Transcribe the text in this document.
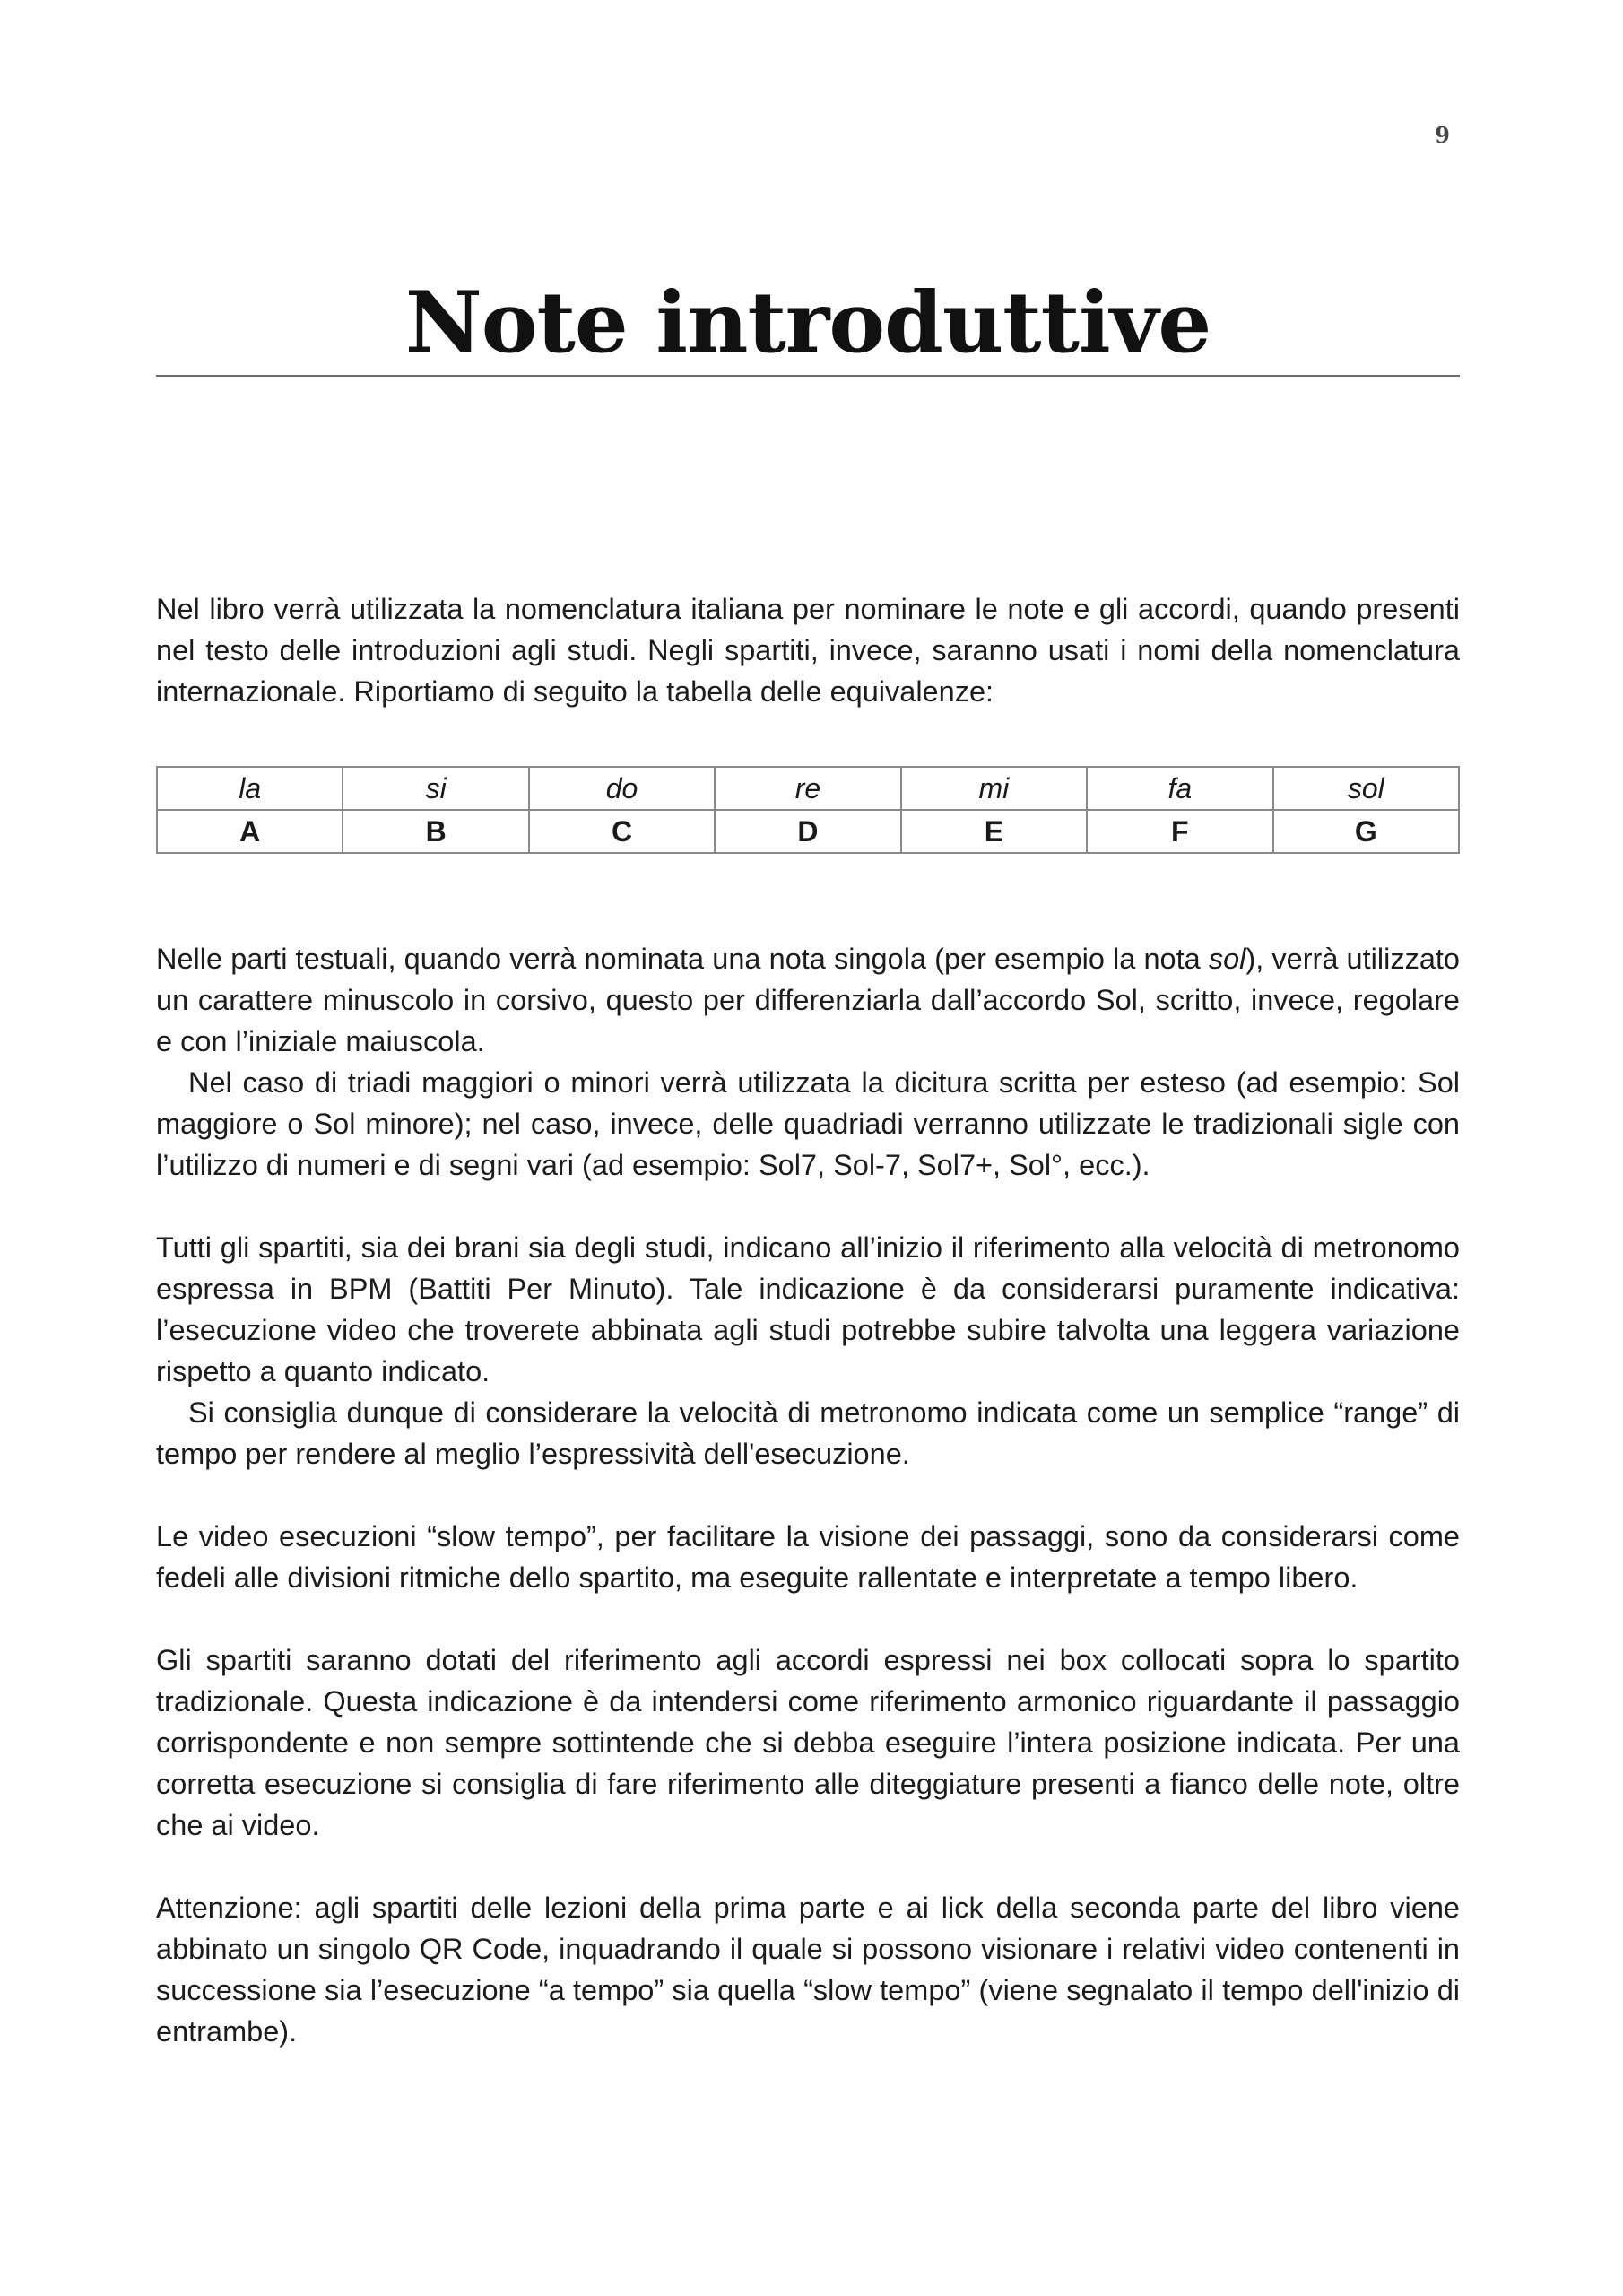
9
Note introduttive

Nel libro verrà utilizzata la nomenclatura italiana per nominare le note e gli accordi, quando presenti nel testo delle introduzioni agli studi. Negli spartiti, invece, saranno usati i nomi della nomenclatura internazionale. Riportiamo di seguito la tabella delle equivalenze:

la	si	do	re	mi	fa	sol
A	B	C	D	E	F	G

Nelle parti testuali, quando verrà nominata una nota singola (per esempio la nota sol), verrà utilizzato un carattere minuscolo in corsivo, questo per differenziarla dall’accordo Sol, scritto, invece, regolare e con l’iniziale maiuscola.

Nel caso di triadi maggiori o minori verrà utilizzata la dicitura scritta per esteso (ad esempio: Sol maggiore o Sol minore); nel caso, invece, delle quadriadi verranno utilizzate le tradizionali sigle con l’utilizzo di numeri e di segni vari (ad esempio: Sol7, Sol-7, Sol7+, Sol°, ecc.).

Tutti gli spartiti, sia dei brani sia degli studi, indicano all’inizio il riferimento alla velocità di metronomo espressa in BPM (Battiti Per Minuto). Tale indicazione è da considerarsi puramente indicativa: l’esecuzione video che troverete abbinata agli studi potrebbe subire talvolta una leggera variazione rispetto a quanto indicato.

Si consiglia dunque di considerare la velocità di metronomo indicata come un semplice “range” di tempo per rendere al meglio l’espressività dell'esecuzione.

Le video esecuzioni “slow tempo”, per facilitare la visione dei passaggi, sono da considerarsi come fedeli alle divisioni ritmiche dello spartito, ma eseguite rallentate e interpretate a tempo libero.

Gli spartiti saranno dotati del riferimento agli accordi espressi nei box collocati sopra lo spartito tradizionale. Questa indicazione è da intendersi come riferimento armonico riguardante il passaggio corrispondente e non sempre sottintende che si debba eseguire l’intera posizione indicata. Per una corretta esecuzione si consiglia di fare riferimento alle diteggiature presenti a fianco delle note, oltre che ai video.

Attenzione: agli spartiti delle lezioni della prima parte e ai lick della seconda parte del libro viene abbinato un singolo QR Code, inquadrando il quale si possono visionare i relativi video contenenti in successione sia l’esecuzione “a tempo” sia quella “slow tempo” (viene segnalato il tempo dell'inizio di entrambe).
